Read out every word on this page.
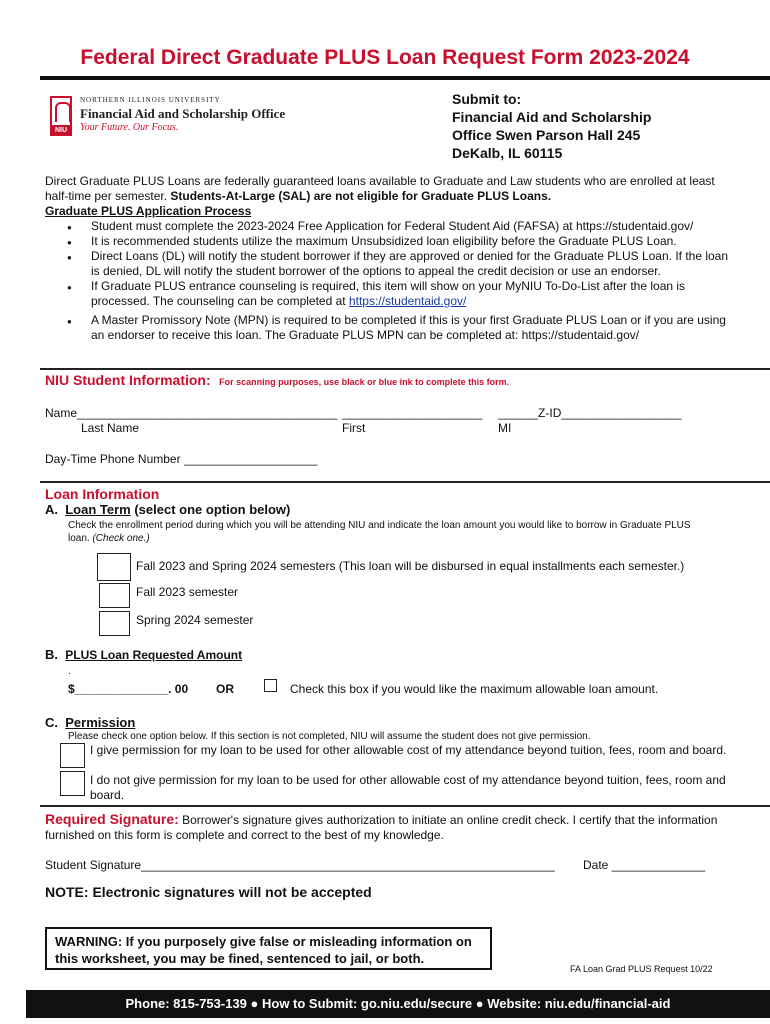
Federal Direct Graduate PLUS Loan Request Form 2023-2024
NORTHERN ILLINOIS UNIVERSITY
Financial Aid and Scholarship Office
Your Future. Our Focus.
NIU
Submit to:
Financial Aid and Scholarship
Office Swen Parson Hall 245
DeKalb, IL 60115
Direct Graduate PLUS Loans are federally guaranteed loans available to Graduate and Law students who are enrolled at least half-time per semester. Students-At-Large (SAL) are not eligible for Graduate PLUS Loans.
Graduate PLUS Application Process
● Student must complete the 2023-2024 Free Application for Federal Student Aid (FAFSA) at https://studentaid.gov/
● It is recommended students utilize the maximum Unsubsidized loan eligibility before the Graduate PLUS Loan.
● Direct Loans (DL) will notify the student borrower if they are approved or denied for the Graduate PLUS Loan. If the loan is denied, DL will notify the student borrower of the options to appeal the credit decision or use an endorser.
● If Graduate PLUS entrance counseling is required, this item will show on your MyNIU To-Do-List after the loan is processed. The counseling can be completed at https://studentaid.gov/
● A Master Promissory Note (MPN) is required to be completed if this is your first Graduate PLUS Loan or if you are using an endorser to receive this loan. The Graduate PLUS MPN can be completed at: https://studentaid.gov/
NIU Student Information: For scanning purposes, use black or blue ink to complete this form.
Name_______________________________________ _____________________ ______Z-ID__________________
Last Name	First	MI
Day-Time Phone Number ____________________
Loan Information
A. Loan Term (select one option below)
Check the enrollment period during which you will be attending NIU and indicate the loan amount you would like to borrow in Graduate PLUS loan. (Check one.)
Fall 2023 and Spring 2024 semesters (This loan will be disbursed in equal installments each semester.)
Fall 2023 semester
Spring 2024 semester
B. PLUS Loan Requested Amount
.
$______________. 00 OR	Check this box if you would like the maximum allowable loan amount.
C. Permission
Please check one option below. If this section is not completed, NIU will assume the student does not give permission.
I give permission for my loan to be used for other allowable cost of my attendance beyond tuition, fees, room and board.
I do not give permission for my loan to be used for other allowable cost of my attendance beyond tuition, fees, room and board.
Required Signature: Borrower's signature gives authorization to initiate an online credit check. I certify that the information furnished on this form is complete and correct to the best of my knowledge.
Student Signature______________________________________________________________ Date ______________
NOTE: Electronic signatures will not be accepted
WARNING: If you purposely give false or misleading information on this worksheet, you may be fined, sentenced to jail, or both.
FA Loan Grad PLUS Request 10/22
Phone: 815-753-139 ● How to Submit: go.niu.edu/secure ● Website: niu.edu/financial-aid
